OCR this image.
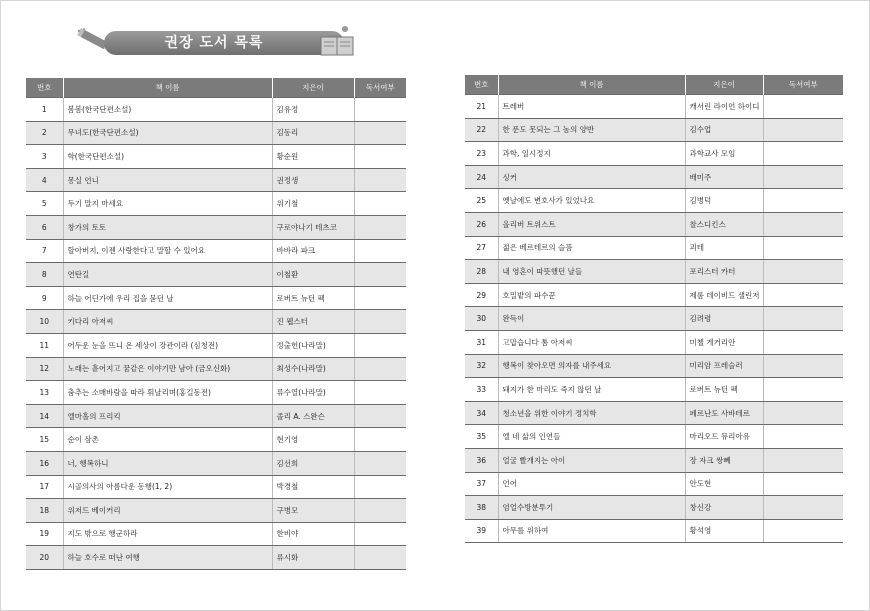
권장 도서 목록
번호	책 이름	지은이	독서여부
1	봄봄(한국단편소설)	김유정	
2	무녀도(한국단편소설)	김동리	
3	학(한국단편소설)	황순원	
4	몽실 언니	권정생	
5	두기 말지 마세요	위기철	
6	창가의 토토	구로야나기 테츠코	
7	할아버지, 이젠 사랑한다고 말할 수 있어요	바바라 파크	
8	연탄길	이철환	
9	하늘 어딘가에 우리 집을 묻던 날	로버트 뉴턴 펙	
10	키다리 아저씨	진 웹스터	
11	어두운 눈을 뜨니 온 세상이 장관이라 (심청전)	정출헌(나라말)	
12	노래는 흩어지고 꿈같은 이야기만 남아 (금오신화)	최성수(나라말)	
13	춤추는 소매바람을 따라 휘날리며(홍길동전)	류수열(나라말)	
14	엘마홀의 프리킥	졸리 A. 스완슨	
15	순이 삼촌	현기영	
16	너, 행복하니	김선희	
17	시골의사의 아름다운 동행(1, 2)	박경철	
18	위저드 베이커리	구병모	
19	지도 밖으로 행군하라	한비야	
20	하늘 호수로 떠난 여행	류시화	
번호	책 이름	지은이	독서여부
21	트레버	캐서린 라이언 하이디	
22	한 푼도 못되는 그 놈의 양반	김수업	
23	과학, 일시정지	과학교사 모임	
24	싱커	배미주	
25	옛날에도 변호사가 있었나요	김병덕	
26	올리버 트위스트	찰스디킨스	
27	젊은 베르테르의 슬픔	괴테	
28	내 영혼이 따뜻했던 날들	포리스터 카터	
29	호밀밭의 파수꾼	제롬 데이비드 샐린저	
30	완득이	김려령	
31	고맙습니다 톰 아저씨	미첼 게거리안	
32	행복이 찾아오면 의자를 내주세요	미리암 프레슬러	
33	돼지가 한 마리도 죽지 않던 날	로버트 뉴턴 펙	
34	청소년을 위한 이야기 정치학	페르난도 사바테르	
35	엘 네 삶의 인연들	마리오드 뮤리아유	
36	얼굴 빨개지는 아이	장 자크 쌍뻬	
37	언어	안도현	
38	엄얼수방분투기	창신강	
39	아무를 위하여	황석영	
